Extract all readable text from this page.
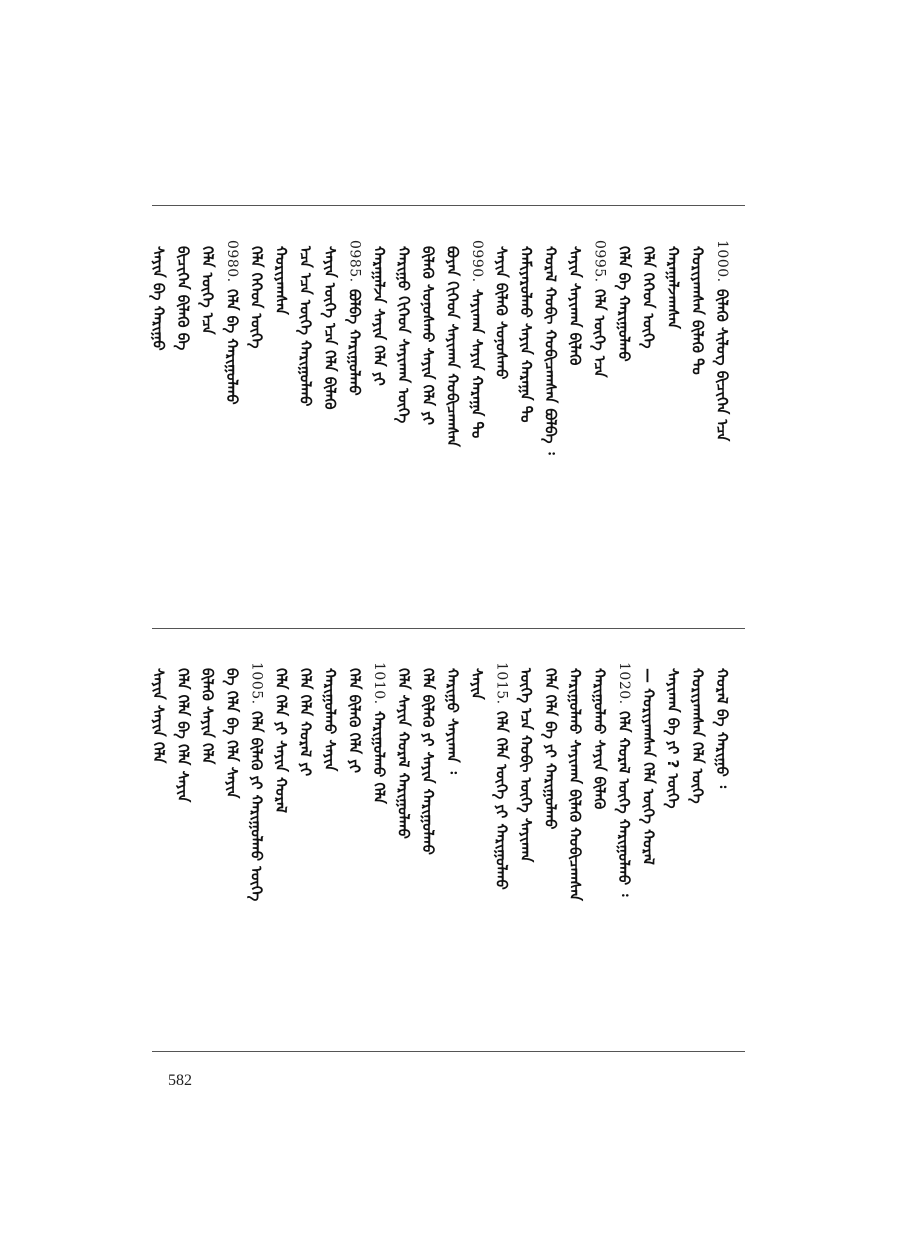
1000.
ᠪᠢᠯᠡᠭᠦ ᠰᠢᠯᠦᠭ ᠪᠢᠴᠢᠭᠡᠨ ᠡᠴᠡ
ᠬᠤᠷᠢᠶᠠᠭᠰᠠᠨ ᠪᠢᠯᠡᠭᠦ ᠲᠤ
ᠬᠠᠷᠠᠭᠠᠯᠵᠠᠭᠰᠠᠨ
ᠬᠡᠯᠡ ᠬᠡᠭᠡᠳ ᠦᠭᠡ
ᠬᠡᠯᠡ ᠪᠡ ᠬᠠᠷᠢᠭᠤᠯᠬᠤ
0995.
ᠬᠡᠯᠡ ᠦᠭᠡ ᠡᠴᠡ
ᠰᠠᠶᠢᠨ ᠰᠠᠶᠢᠬᠠᠨ ᠪᠢᠯᠡᠭᠦ
ᠬᠤᠷᠠᠯ ᠬᠤᠪᠢ ᠬᠤᠪᠢᠴᠠᠭᠰᠠᠨ ᠪᠣᠯᠪᠠ ᠄
ᠬᠠᠮᠢᠶᠠᠷᠤᠯᠬᠤ ᠰᠠᠶᠢᠨ ᠬᠠᠷᠠᠭᠠ ᠲᠤ
ᠰᠠᠶᠢᠨ ᠪᠢᠯᠡᠭᠦ ᠰᠣᠨᠣᠰᠬᠤ
0990.
ᠰᠠᠶᠢᠬᠠᠨ ᠰᠠᠶᠢᠨ ᠬᠠᠷᠠᠭᠠ ᠲᠤ
ᠪᠤᠶᠠᠨ ᠬᠢᠭᠡᠳ ᠰᠠᠶᠢᠬᠠᠨ ᠬᠤᠪᠢᠴᠠᠭᠰᠠᠨ
ᠪᠢᠯᠡᠭᠦ ᠰᠣᠨᠣᠰᠬᠤ ᠰᠠᠶᠢᠨ ᠬᠡᠯᠡ ᠶᠢ
ᠬᠠᠷᠢᠭᠤ ᠬᠢᠭᠡᠳ ᠰᠠᠶᠢᠬᠠᠨ ᠦᠭᠡ
ᠬᠠᠷᠠᠭᠠᠯᠵᠠ ᠰᠠᠶᠢᠨ ᠬᠡᠯᠡ ᠶᠢ
0985.
ᠪᠣᠯᠪᠠ ᠬᠠᠷᠢᠭᠤᠯᠬᠤ
ᠰᠠᠶᠢᠨ ᠦᠭᠡ ᠡᠴᠡ ᠬᠡᠯᠡ ᠪᠢᠯᠡᠭᠦ
ᠡᠴᠡ ᠡᠴᠡ ᠦᠭᠡ ᠬᠠᠷᠢᠭᠤᠯᠬᠤ
ᠬᠤᠷᠢᠶᠠᠭᠰᠠᠨ
ᠬᠡᠯᠡ ᠬᠡᠭᠡᠳ ᠦᠭᠡ
0980.
ᠬᠡᠯᠡ ᠪᠡ ᠬᠠᠷᠢᠭᠤᠯᠬᠤ
ᠬᠡᠯᠡ ᠦᠭᠡ ᠡᠴᠡ
ᠪᠢᠴᠢᠭᠡᠨ ᠪᠢᠯᠡᠭᠦ ᠪᠡ
ᠰᠠᠶᠢᠨ ᠪᠡ ᠬᠠᠷᠢᠭᠤ
ᠬᠤᠷᠠᠯ ᠪᠡ ᠬᠠᠷᠢᠭᠤ ᠄
ᠬᠤᠷᠢᠶᠠᠭᠰᠠᠨ ᠬᠡᠯᠡ ᠦᠭᠡ
ᠰᠠᠶᠢᠬᠠᠨ ᠪᠡ ᠶᠢ ? ᠦᠭᠡ
— ᠬᠤᠷᠢᠶᠠᠭᠰᠠᠨ ᠬᠡᠯᠡ ᠦᠭᠡ ᠬᠤᠷᠠᠯ
1020.
ᠬᠡᠯᠡ ᠬᠤᠷᠠᠯ ᠦᠭᠡ ᠬᠠᠷᠢᠭᠤᠯᠬᠤ ᠄
ᠬᠠᠷᠢᠭᠤᠯᠬᠤ ᠰᠠᠶᠢᠨ ᠪᠢᠯᠡᠭᠦ
ᠬᠠᠷᠢᠭᠤᠯᠬᠤ ᠰᠠᠶᠢᠬᠠᠨ ᠪᠢᠯᠡᠭᠦ ᠬᠤᠪᠢᠴᠠᠭᠰᠠᠨ
ᠬᠡᠯᠡ ᠬᠡᠯᠡ ᠪᠡ ᠶᠢ ᠬᠠᠷᠢᠭᠤᠯᠬᠤ
ᠦᠭᠡ ᠡᠴᠡ ᠬᠤᠪᠢ ᠦᠭᠡ ᠰᠠᠶᠢᠬᠠᠨ
1015.
ᠬᠡᠯᠡ ᠬᠡᠯᠡ ᠦᠭᠡ ᠶᠢ ᠬᠠᠷᠢᠭᠤᠯᠬᠤ
ᠰᠠᠶᠢᠨ
ᠬᠠᠷᠢᠭᠤ ᠰᠠᠶᠢᠬᠠᠨ ᠄
ᠬᠡᠯᠡ ᠪᠢᠯᠡᠭᠦ ᠶᠢ ᠰᠠᠶᠢᠨ ᠬᠠᠷᠢᠭᠤᠯᠬᠤ
ᠬᠡᠯᠡ ᠰᠠᠶᠢᠨ ᠬᠤᠷᠠᠯ ᠬᠠᠷᠢᠭᠤᠯᠬᠤ
1010.
ᠬᠠᠷᠢᠭᠤᠯᠬᠤ ᠬᠡᠯᠡ
ᠬᠡᠯᠡ ᠪᠢᠯᠡᠭᠦ ᠬᠡᠯᠡ ᠶᠢ
ᠬᠠᠷᠢᠭᠤᠯᠬᠤ ᠰᠠᠶᠢᠨ
ᠬᠡᠯᠡ ᠬᠡᠯᠡ ᠬᠤᠷᠠᠯ ᠶᠢ
ᠬᠡᠯᠡ ᠬᠡᠯᠡ ᠶᠢ ᠰᠠᠶᠢᠨ ᠬᠤᠷᠠᠯ
1005.
ᠬᠡᠯᠡ ᠪᠢᠯᠡᠭᠦ ᠶᠢ ᠬᠠᠷᠢᠭᠤᠯᠬᠤ ᠦᠭᠡ
ᠪᠡ ᠬᠡᠯᠡ ᠪᠡ ᠬᠡᠯᠡ ᠰᠠᠶᠢᠨ
ᠪᠢᠯᠡᠭᠦ ᠰᠠᠶᠢᠨ ᠬᠡᠯᠡ
ᠬᠡᠯᠡ ᠬᠡᠯᠡ ᠪᠡ ᠬᠡᠯᠡ ᠰᠠᠶᠢᠨ
ᠰᠠᠶᠢᠨ ᠰᠠᠶᠢᠨ ᠬᠡᠯᠡ
582
